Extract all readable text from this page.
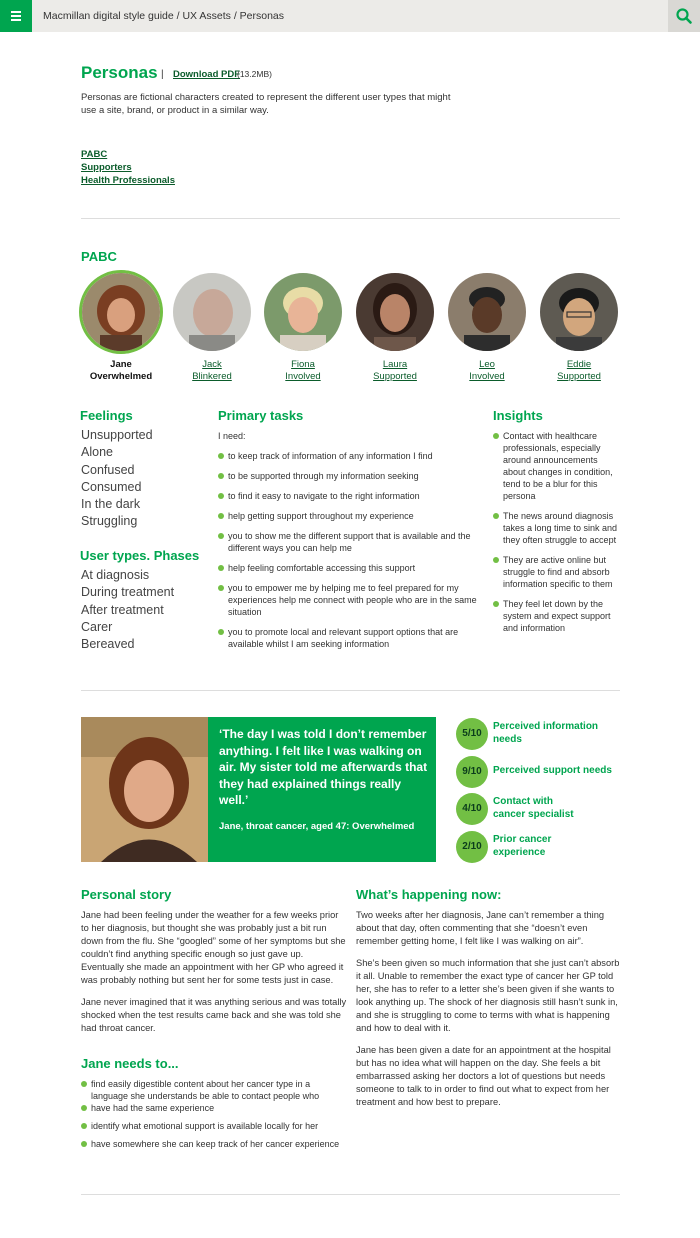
Macmillan digital style guide / UX Assets / Personas
Personas | Download PDF
(13.2MB)
Personas are fictional characters created to represent the different user types that might use a site, brand, or product in a similar way.
PABC
Supporters
Health Professionals
PABC
Jane
Overwhelmed
Jack
Blinkered
Fiona
Involved
Laura
Supported
Leo
Involved
Eddie
Supported
Feelings
Unsupported
Alone
Confused
Consumed
In the dark
Struggling
User types. Phases
At diagnosis
During treatment
After treatment
Carer
Bereaved
Primary tasks
I need:
to keep track of information of any information I find
to be supported through my information seeking
to find it easy to navigate to the right information
help getting support throughout my experience
you to show me the different support that is available and the different ways you can help me
help feeling comfortable accessing this support
you to empower me by helping me to feel prepared for my experiences help me connect with people who are in the same situation
you to promote local and relevant support options that are available whilst I am seeking information
Insights
Contact with healthcare professionals, especially around announcements about changes in condition, tend to be a blur for this persona
The news around diagnosis takes a long time to sink and they often struggle to accept
They are active online but struggle to find and absorb information specific to them
They feel let down by the system and expect support and information
‘The day I was told I don’t remember anything. I felt like I was walking on air. My sister told me afterwards that they had explained things really well.’
Jane, throat cancer, aged 47: Overwhelmed
5/10
Perceived information needs
9/10	Perceived support needs
4/10
Contact with cancer specialist
2/10
Prior cancer experience
Personal story

Jane had been feeling under the weather for a few weeks prior to her diagnosis, but thought she was probably just a bit run down from the flu. She “googled” some of her symptoms but she couldn’t find anything specific enough so just gave up. Eventually she made an appointment with her GP who agreed it was probably nothing but sent her for some tests just in case.

Jane never imagined that it was anything serious and was totally shocked when the test results came back and she was told she had throat cancer.

Jane needs to...
find easily digestible content about her cancer type in a language she understands be able to contact people who
have had the same experience
identify what emotional support is available locally for her
have somewhere she can keep track of her cancer experience
What’s happening now:

Two weeks after her diagnosis, Jane can’t remember a thing about that day, often commenting that she “doesn’t even remember getting home, I felt like I was walking on air”.

She’s been given so much information that she just can’t absorb it all. Unable to remember the exact type of cancer her GP told her, she has to refer to a letter she’s been given if she wants to look anything up. The shock of her diagnosis still hasn’t sunk in, and she is struggling to come to terms with what is happening and how to deal with it.

Jane has been given a date for an appointment at the hospital but has no idea what will happen on the day. She feels a bit embarrassed asking her doctors a lot of questions but needs someone to talk to in order to find out what to expect from her treatment and how best to prepare.
